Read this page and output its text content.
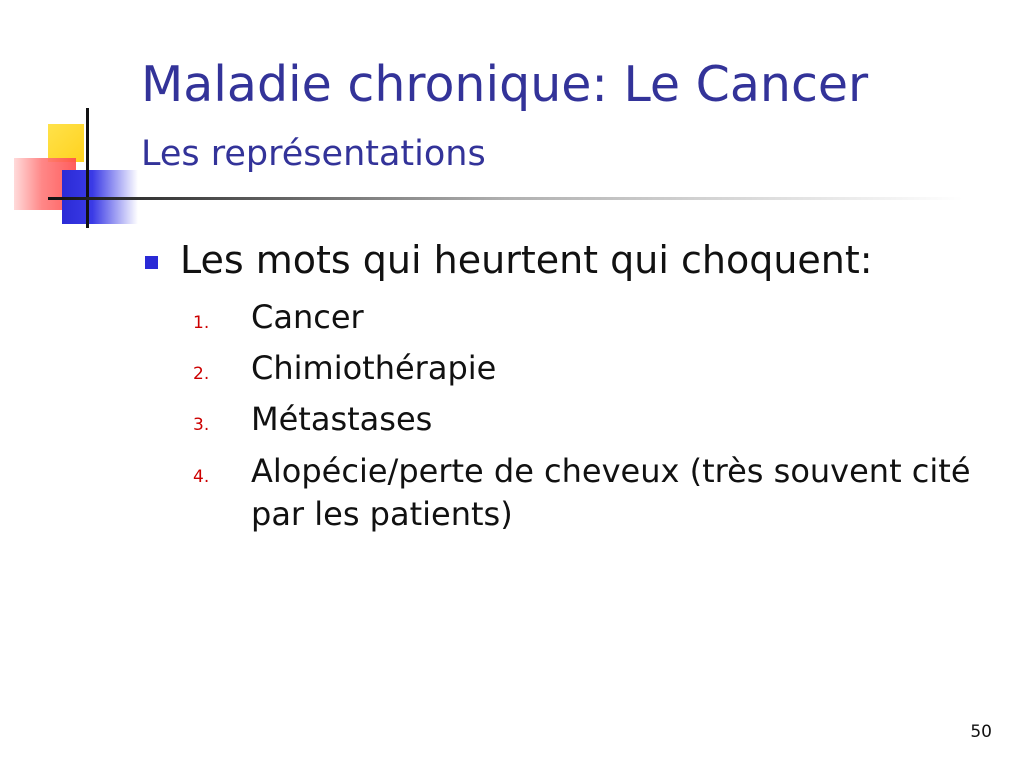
Maladie chronique: Le Cancer
Les représentations
Les mots qui heurtent qui choquent:
1.	Cancer
2.	Chimiothérapie
3.	Métastases
4.	Alopécie/perte de cheveux (très souvent cité par les patients)
50
